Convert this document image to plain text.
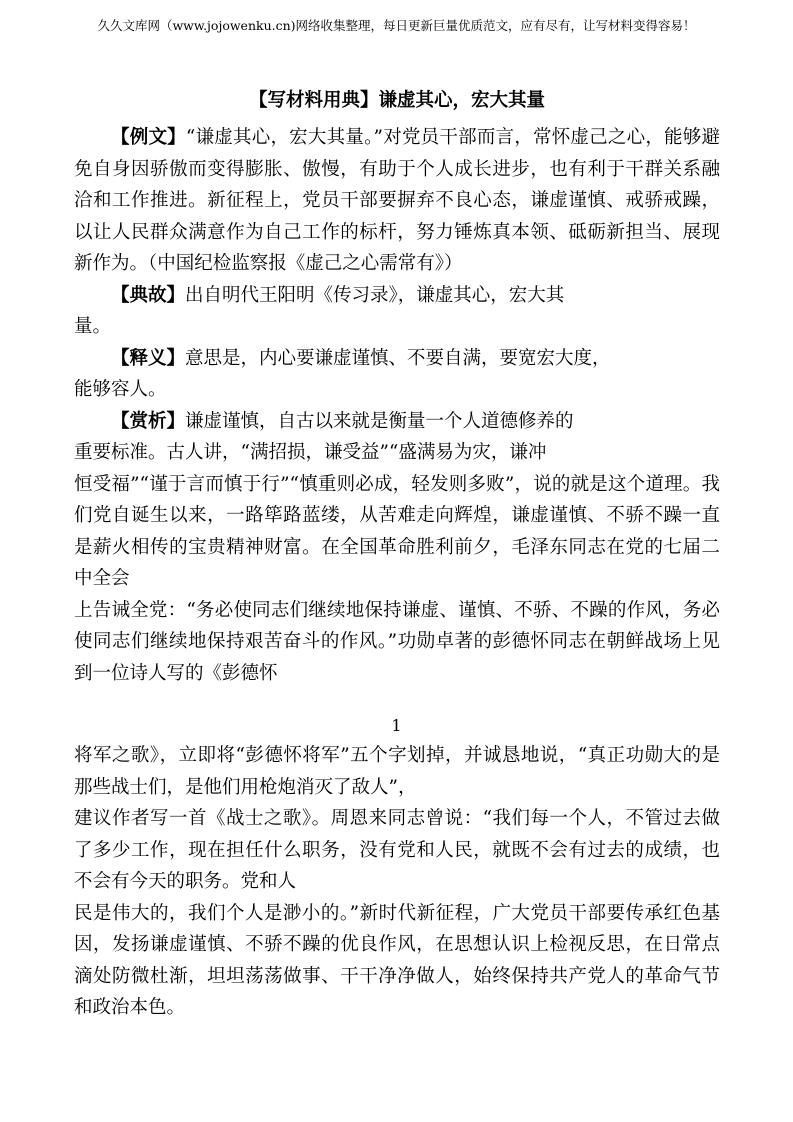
久久文库网（www.jojowenku.cn)网络收集整理，每日更新巨量优质范文，应有尽有，让写材料变得容易！
【写材料用典】谦虚其心，宏大其量

【例文】“谦虚其心，宏大其量。”对党员干部而言，常怀虚己之心，能够避免自身因骄傲而变得膨胀、傲慢，有助于个人成长进步，也有利于干群关系融洽和工作推进。新征程上，党员干部要摒弃不良心态，谦虚谨慎、戒骄戒躁，以让人民群众满意作为自己工作的标杆，努力锤炼真本领、砥砺新担当、展现新作为。（中国纪检监察报《虚己之心需常有》）

【典故】出自明代王阳明《传习录》，谦虚其心，宏大其

量。

【释义】意思是，内心要谦虚谨慎、不要自满，要宽宏大度，

能够容人。

【赏析】谦虚谨慎，自古以来就是衡量一个人道德修养的

重要标准。古人讲，“满招损，谦受益”“盛满易为灾，谦冲

恒受福”“谨于言而慎于行”“慎重则必成，轻发则多败”，说的就是这个道理。我们党自诞生以来，一路筚路蓝缕，从苦难走向辉煌，谦虚谨慎、不骄不躁一直是薪火相传的宝贵精神财富。在全国革命胜利前夕，毛泽东同志在党的七届二中全会

上告诫全党：“务必使同志们继续地保持谦虚、谨慎、不骄、不躁的作风，务必使同志们继续地保持艰苦奋斗的作风。”功勋卓著的彭德怀同志在朝鲜战场上见到一位诗人写的《彭德怀

1

将军之歌》，立即将“彭德怀将军”五个字划掉，并诚恳地说，“真正功勋大的是那些战士们，是他们用枪炮消灭了敌人”，

建议作者写一首《战士之歌》。周恩来同志曾说：“我们每一个人，不管过去做了多少工作，现在担任什么职务，没有党和人民，就既不会有过去的成绩，也不会有今天的职务。党和人

民是伟大的，我们个人是渺小的。”新时代新征程，广大党员干部要传承红色基因，发扬谦虚谨慎、不骄不躁的优良作风，在思想认识上检视反思，在日常点滴处防微杜渐，坦坦荡荡做事、干干净净做人，始终保持共产党人的革命气节和政治本色。
